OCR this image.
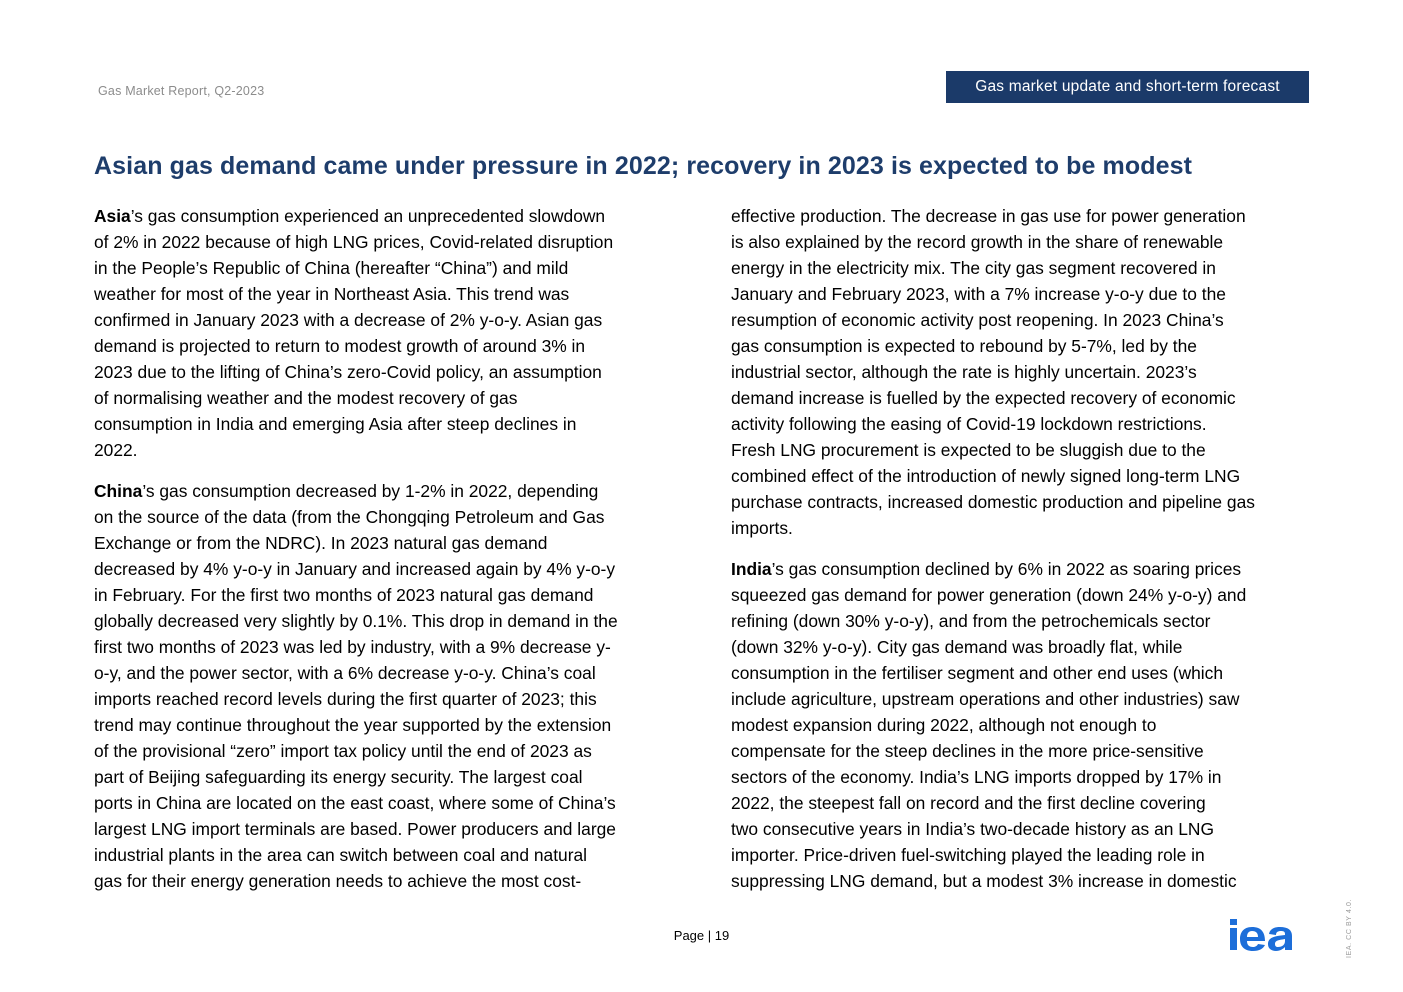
Gas Market Report, Q2-2023	Gas market update and short-term forecast
Asian gas demand came under pressure in 2022; recovery in 2023 is expected to be modest

Asia’s gas consumption experienced an unprecedented slowdown
of 2% in 2022 because of high LNG prices, Covid-related disruption
in the People’s Republic of China (hereafter “China”) and mild
weather for most of the year in Northeast Asia. This trend was
confirmed in January 2023 with a decrease of 2% y-o-y. Asian gas
demand is projected to return to modest growth of around 3% in
2023 due to the lifting of China’s zero-Covid policy, an assumption
of normalising weather and the modest recovery of gas
consumption in India and emerging Asia after steep declines in
2022.

China’s gas consumption decreased by 1-2% in 2022, depending
on the source of the data (from the Chongqing Petroleum and Gas
Exchange or from the NDRC). In 2023 natural gas demand
decreased by 4% y-o-y in January and increased again by 4% y-o-y
in February. For the first two months of 2023 natural gas demand
globally decreased very slightly by 0.1%. This drop in demand in the
first two months of 2023 was led by industry, with a 9% decrease y-
o-y, and the power sector, with a 6% decrease y-o-y. China’s coal
imports reached record levels during the first quarter of 2023; this
trend may continue throughout the year supported by the extension
of the provisional “zero” import tax policy until the end of 2023 as
part of Beijing safeguarding its energy security. The largest coal
ports in China are located on the east coast, where some of China’s
largest LNG import terminals are based. Power producers and large
industrial plants in the area can switch between coal and natural
gas for their energy generation needs to achieve the most cost-

effective production. The decrease in gas use for power generation
is also explained by the record growth in the share of renewable
energy in the electricity mix. The city gas segment recovered in
January and February 2023, with a 7% increase y-o-y due to the
resumption of economic activity post reopening. In 2023 China’s
gas consumption is expected to rebound by 5-7%, led by the
industrial sector, although the rate is highly uncertain. 2023’s
demand increase is fuelled by the expected recovery of economic
activity following the easing of Covid-19 lockdown restrictions.
Fresh LNG procurement is expected to be sluggish due to the
combined effect of the introduction of newly signed long-term LNG
purchase contracts, increased domestic production and pipeline gas
imports.

India’s gas consumption declined by 6% in 2022 as soaring prices
squeezed gas demand for power generation (down 24% y-o-y) and
refining (down 30% y-o-y), and from the petrochemicals sector
(down 32% y-o-y). City gas demand was broadly flat, while
consumption in the fertiliser segment and other end uses (which
include agriculture, upstream operations and other industries) saw
modest expansion during 2022, although not enough to
compensate for the steep declines in the more price-sensitive
sectors of the economy. India’s LNG imports dropped by 17% in
2022, the steepest fall on record and the first decline covering
two consecutive years in India’s two-decade history as an LNG
importer. Price-driven fuel-switching played the leading role in
suppressing LNG demand, but a modest 3% increase in domestic

Page | 19	IEA. CC BY 4.0.
